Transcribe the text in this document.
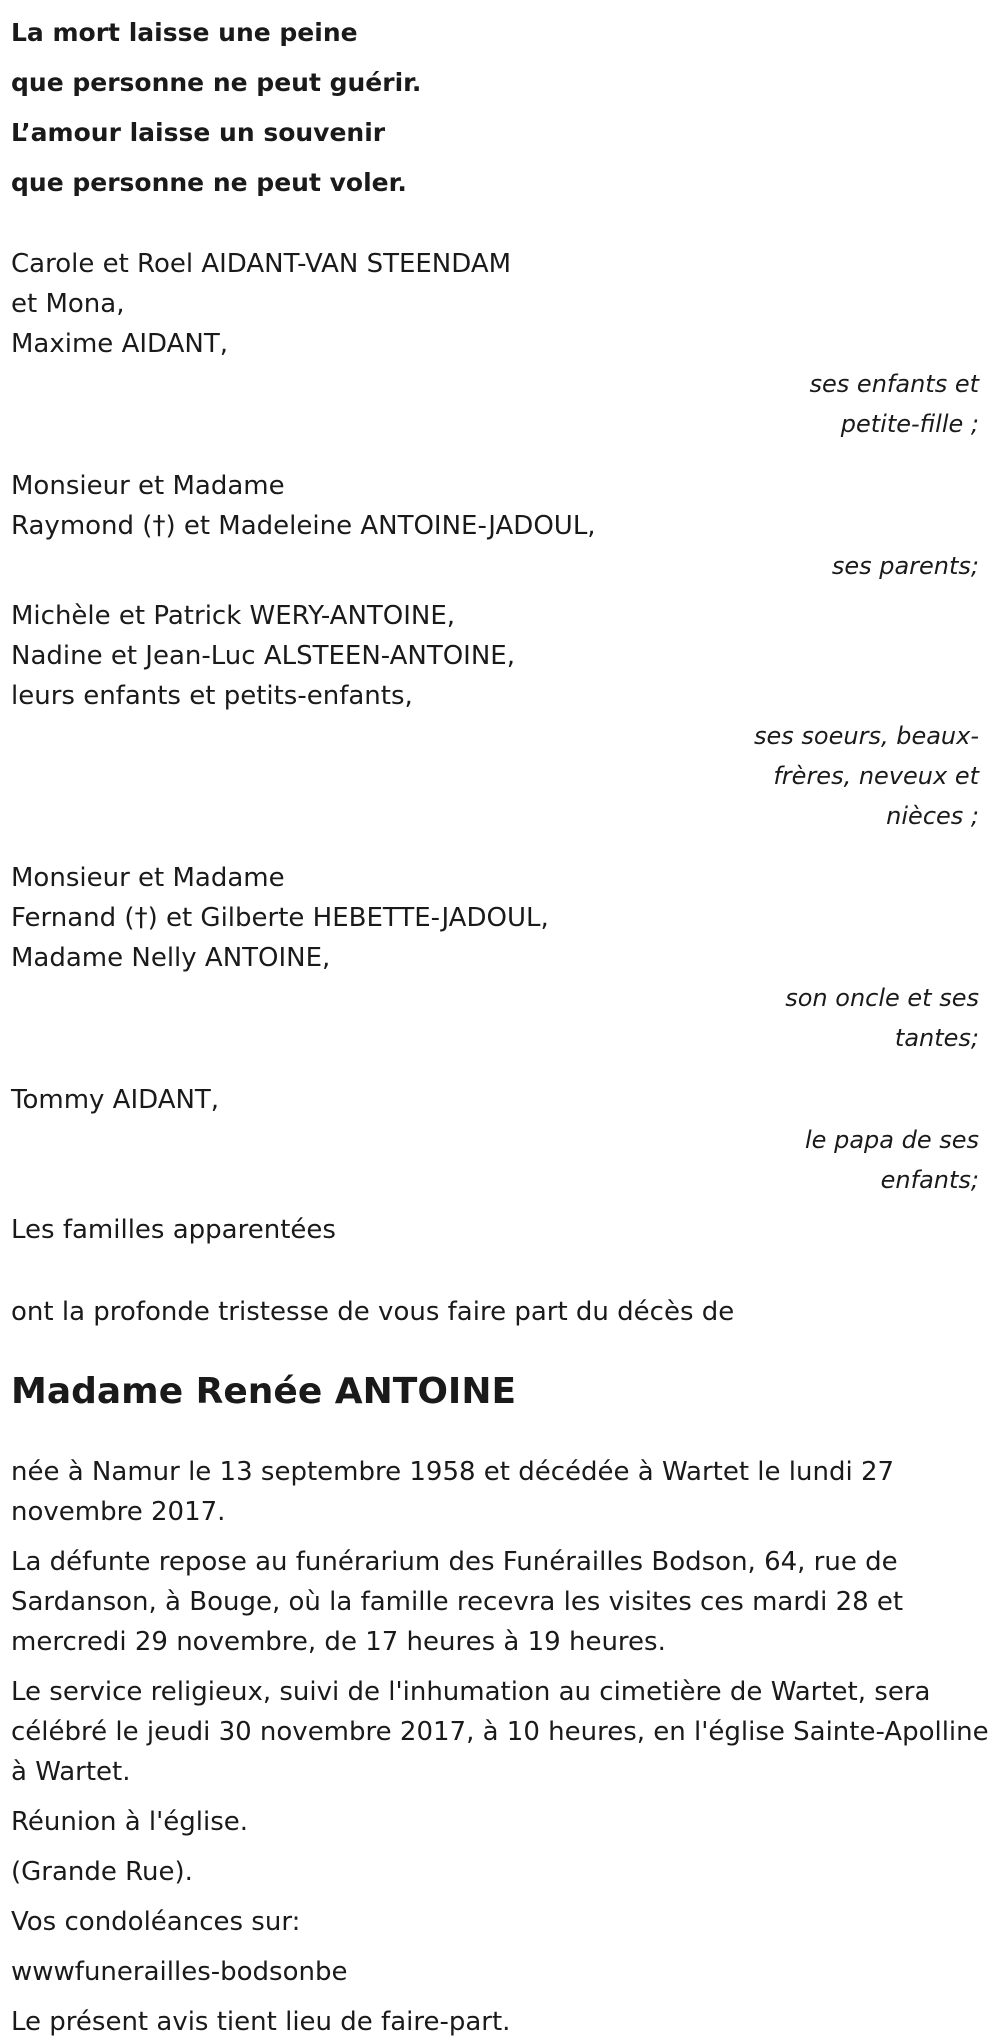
La mort laisse une peine

que personne ne peut guérir.

L’amour laisse un souvenir

que personne ne peut voler.

Carole et Roel AIDANT-VAN STEENDAM

et Mona,

Maxime AIDANT,

ses enfants et petite-fille ;

Monsieur et Madame

Raymond (†) et Madeleine ANTOINE-JADOUL,

ses parents;

Michèle et Patrick WERY-ANTOINE,

Nadine et Jean-Luc ALSTEEN-ANTOINE,

leurs enfants et petits-enfants,

ses soeurs, beaux-frères, neveux et nièces ;

Monsieur et Madame

Fernand (†) et Gilberte HEBETTE-JADOUL,

Madame Nelly ANTOINE,

son oncle et ses tantes;

Tommy AIDANT,

le papa de ses enfants;

Les familles apparentées

ont la profonde tristesse de vous faire part du décès de

Madame Renée ANTOINE

née à Namur le 13 septembre 1958 et décédée à Wartet le lundi 27 novembre 2017.

La défunte repose au funérarium des Funérailles Bodson, 64, rue de Sardanson, à Bouge, où la famille recevra les visites ces mardi 28 et mercredi 29 novembre, de 17 heures à 19 heures.

Le service religieux, suivi de l'inhumation au cimetière de Wartet, sera célébré le jeudi 30 novembre 2017, à 10 heures, en l'église Sainte-Apolline à Wartet.

Réunion à l'église.

(Grande Rue).

Vos condoléances sur:

wwwfunerailles-bodsonbe

Le présent avis tient lieu de faire-part.
